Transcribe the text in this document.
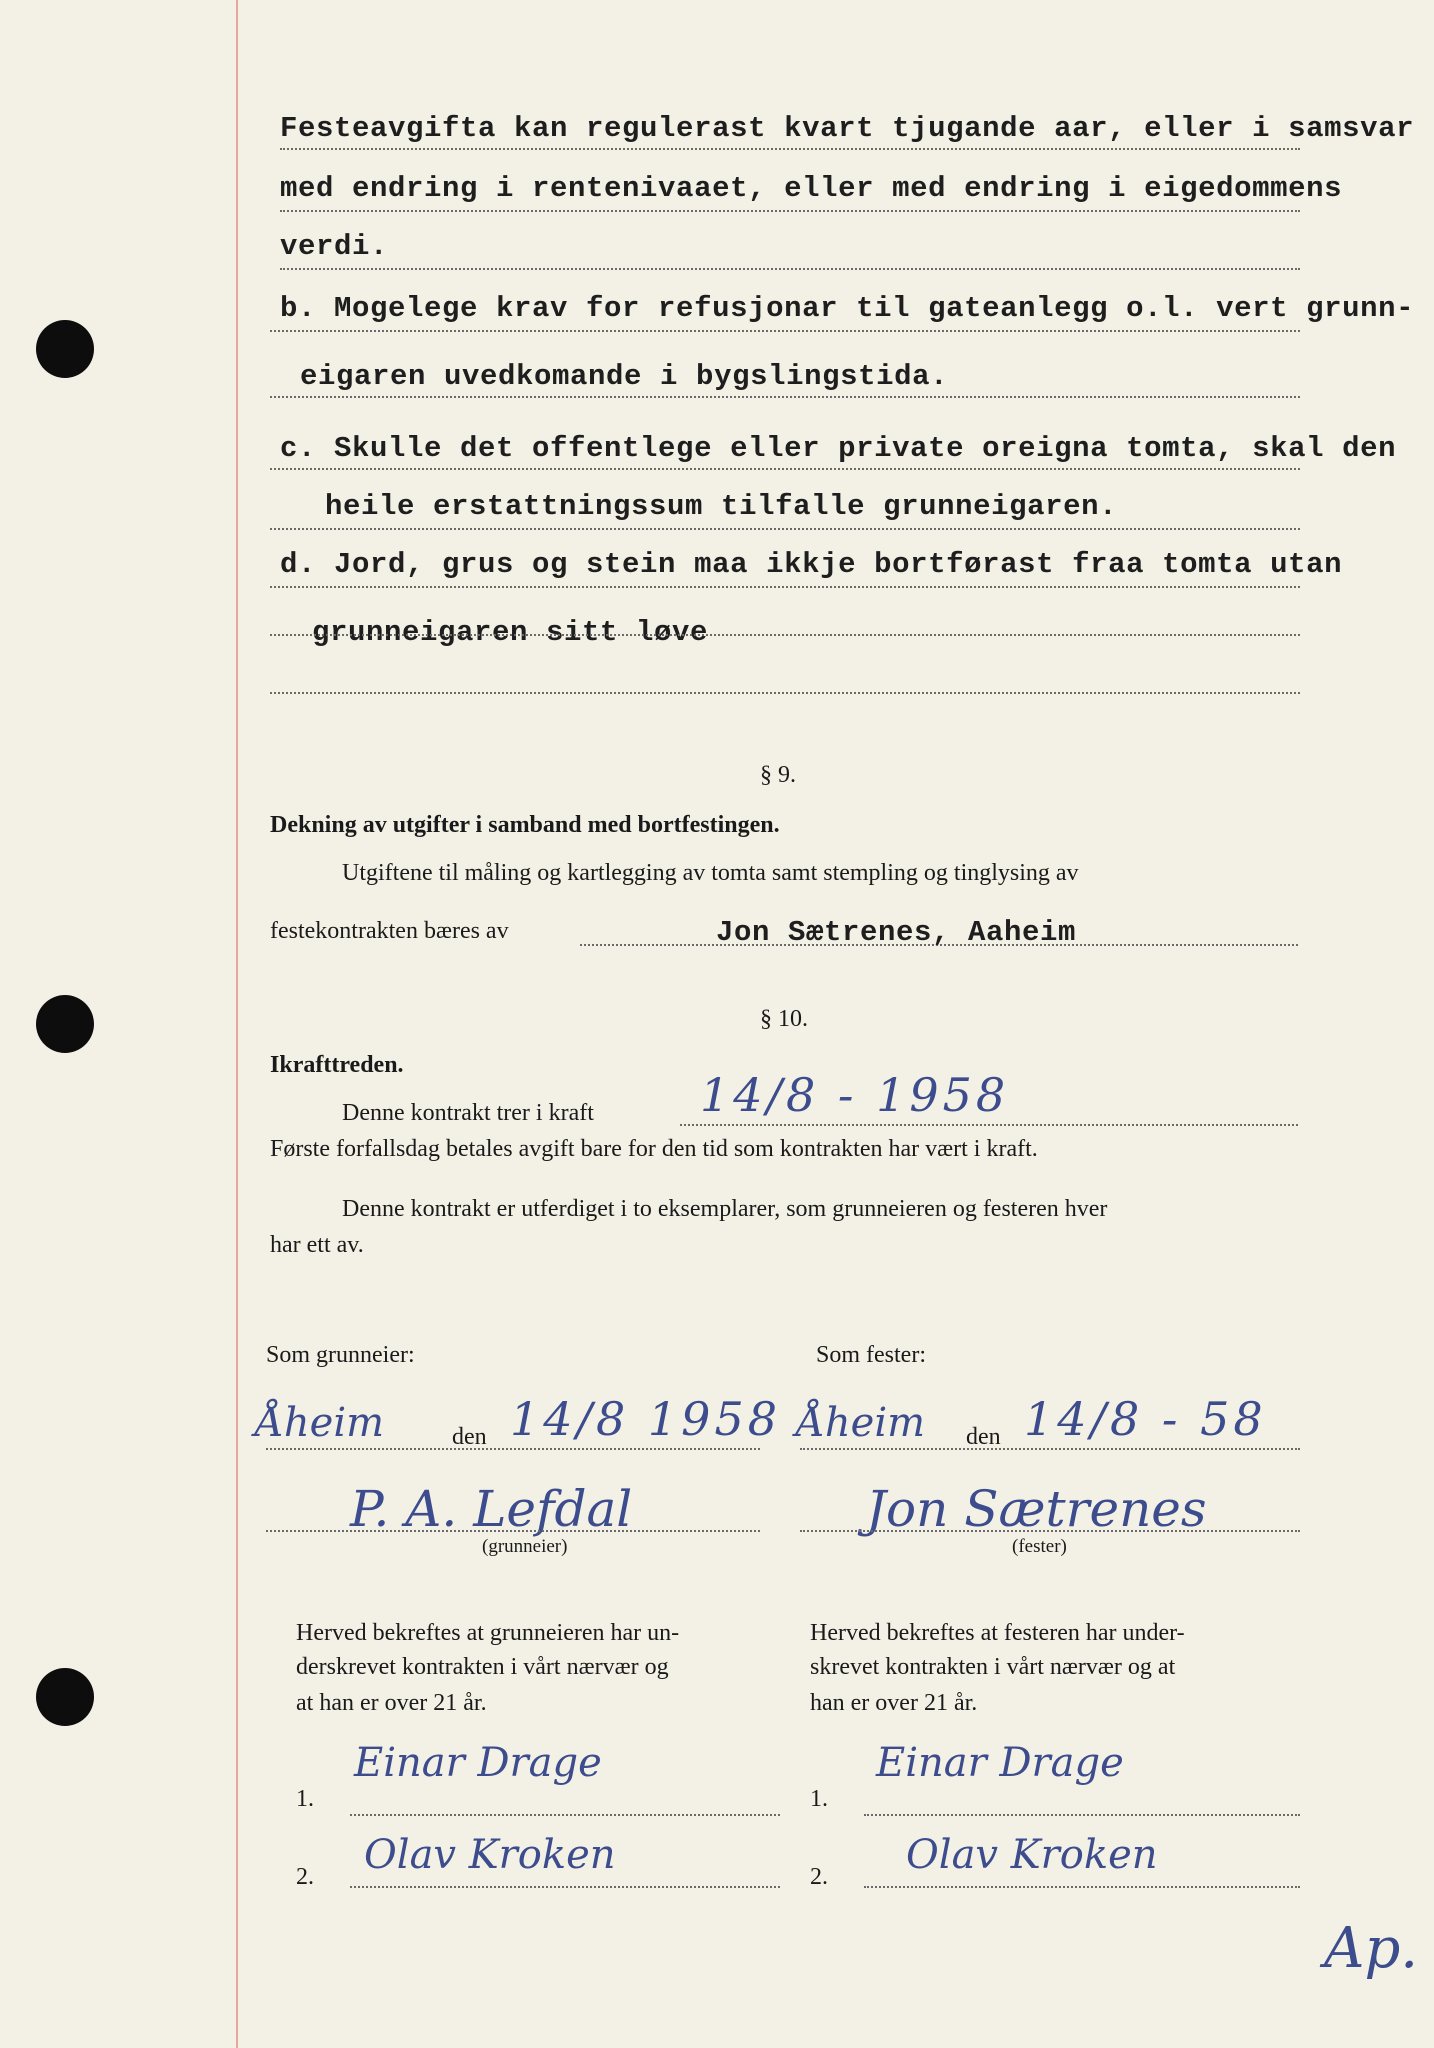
Festeavgifta kan regulerast kvart tjugande aar, eller i samsvar
med endring i rentenivaaet, eller med endring i eigedommens
verdi.
b. Mogelege krav for refusjonar til gateanlegg o.l. vert grunn-
eigaren uvedkomande i bygslingstida.
c. Skulle det offentlege eller private oreigna tomta, skal den
heile erstattningssum tilfalle grunneigaren.
d. Jord, grus og stein maa ikkje bortførast fraa tomta utan
grunneigaren sitt løve
§ 9.
Dekning av utgifter i samband med bortfestingen.
Utgiftene til måling og kartlegging av tomta samt stempling og tinglysing av
festekontrakten bæres av	Jon Sætrenes, Aaheim
§ 10.
Ikrafttreden.
Denne kontrakt trer i kraft 14/8 - 1958
Første forfallsdag betales avgift bare for den tid som kontrakten har vært i kraft.
Denne kontrakt er utferdiget i to eksemplarer, som grunneieren og festeren hver
har ett av.
Som grunneier:	Som fester:
Åheim	den 14/8 1958 Åheim den 14/8 - 58
P. A. Lefdal
(grunneier)
Jon Sætrenes
(fester)
Herved bekreftes at grunneieren har un-
derskrevet kontrakten i vårt nærvær og
at han er over 21 år.
Herved bekreftes at festeren har under-
skrevet kontrakten i vårt nærvær og at
han er over 21 år.
1.
Einar Drage
1.
Einar Drage
2. Olav Kroken	2. Olav Kroken
Ap.
